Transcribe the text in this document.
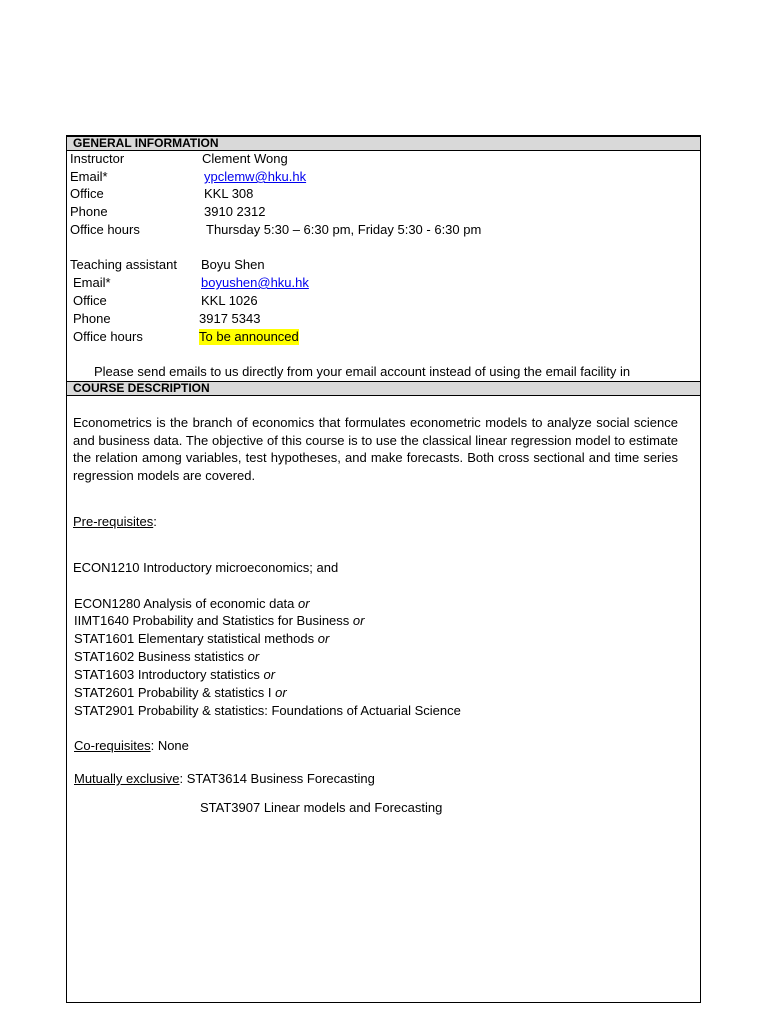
GENERAL INFORMATION
Instructor	Clement Wong
Email*	ypclemw@hku.hk
Office	KKL 308
Phone	3910 2312
Office hours	Thursday 5:30 – 6:30 pm, Friday 5:30 - 6:30 pm
Teaching assistant Boyu Shen
Email*	boyushen@hku.hk
Office	KKL 1026
Phone	3917 5343
Office hours	To be announced
Please send emails to us directly from your email account instead of using the email facility in
COURSE DESCRIPTION
Econometrics is the branch of economics that formulates econometric models to analyze social science and business data. The objective of this course is to use the classical linear regression model to estimate the relation among variables, test hypotheses, and make forecasts. Both cross sectional and time series regression models are covered.
Pre-requisites:
ECON1210 Introductory microeconomics; and
ECON1280 Analysis of economic data or
IIMT1640 Probability and Statistics for Business or
STAT1601 Elementary statistical methods or
STAT1602 Business statistics or
STAT1603 Introductory statistics or
STAT2601 Probability & statistics I or
STAT2901 Probability & statistics: Foundations of Actuarial Science
Co-requisites: None
Mutually exclusive: STAT3614 Business Forecasting
STAT3907 Linear models and Forecasting
